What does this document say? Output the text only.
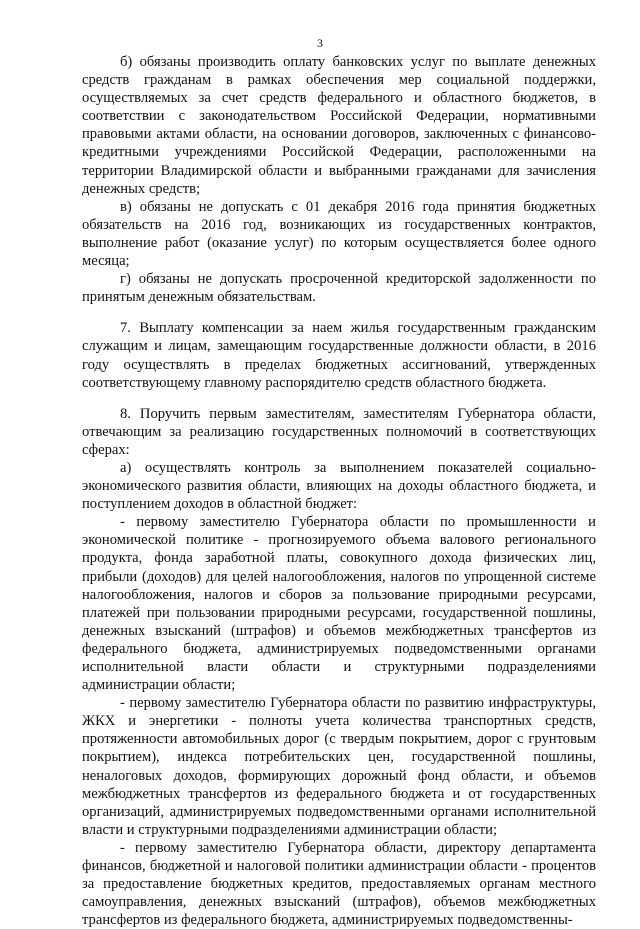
3

б) обязаны производить оплату банковских услуг по выплате денежных средств гражданам в рамках обеспечения мер социальной поддержки, осуществляемых за счет средств федерального и областного бюджетов, в соответствии с законодательством Российской Федерации, нормативными правовыми актами области, на основании договоров, заключенных с финансово-кредитными учреждениями Российской Федерации, расположенными на территории Владимирской области и выбранными гражданами для зачисления денежных средств;

в) обязаны не допускать с 01 декабря 2016 года принятия бюджетных обязательств на 2016 год, возникающих из государственных контрактов, выполнение работ (оказание услуг) по которым осуществляется более одного месяца;

г) обязаны не допускать просроченной кредиторской задолженности по принятым денежным обязательствам.

7. Выплату компенсации за наем жилья государственным гражданским служащим и лицам, замещающим государственные должности области, в 2016 году осуществлять в пределах бюджетных ассигнований, утвержденных соответствующему главному распорядителю средств областного бюджета.

8. Поручить первым заместителям, заместителям Губернатора области, отвечающим за реализацию государственных полномочий в соответствующих сферах:

а) осуществлять контроль за выполнением показателей социально-экономического развития области, влияющих на доходы областного бюджета, и поступлением доходов в областной бюджет:

- первому заместителю Губернатора области по промышленности и экономической политике - прогнозируемого объема валового регионального продукта, фонда заработной платы, совокупного дохода физических лиц, прибыли (доходов) для целей налогообложения, налогов по упрощенной системе налогообложения, налогов и сборов за пользование природными ресурсами, платежей при пользовании природными ресурсами, государственной пошлины, денежных взысканий (штрафов) и объемов межбюджетных трансфертов из федерального бюджета, администрируемых подведомственными органами исполнительной власти области и структурными подразделениями администрации области;

- первому заместителю Губернатора области по развитию инфраструктуры, ЖКХ и энергетики - полноты учета количества транспортных средств, протяженности автомобильных дорог (с твердым покрытием, дорог с грунтовым покрытием), индекса потребительских цен, государственной пошлины, неналоговых доходов, формирующих дорожный фонд области, и объемов межбюджетных трансфертов из федерального бюджета и от государственных организаций, администрируемых подведомственными органами исполнительной власти и структурными подразделениями администрации области;

- первому заместителю Губернатора области, директору департамента финансов, бюджетной и налоговой политики администрации области - процентов за предоставление бюджетных кредитов, предоставляемых органам местного самоуправления, денежных взысканий (штрафов), объемов межбюджетных трансфертов из федерального бюджета, администрируемых подведомственны-
